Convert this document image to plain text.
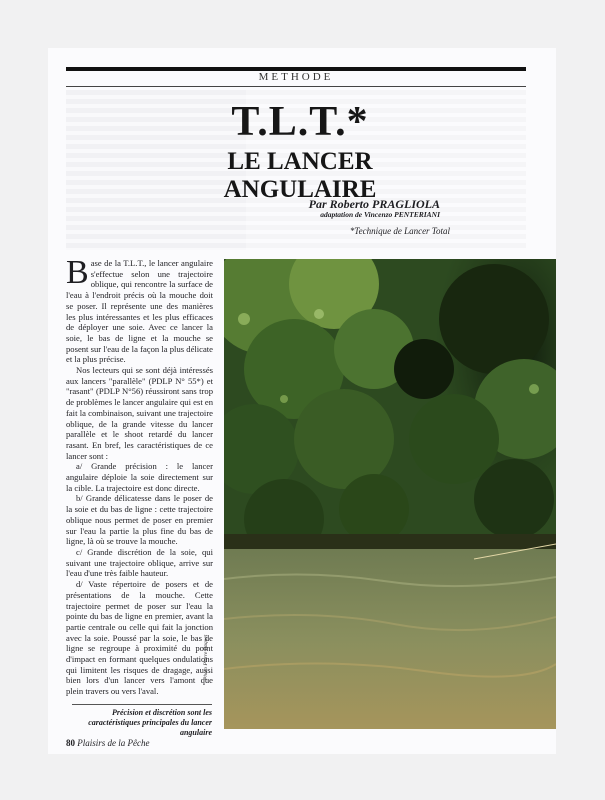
METHODE
T.L.T.*
LE LANCER ANGULAIRE
Par Roberto PRAGLIOLA
adaptation de Vincenzo PENTERIANI
*Technique de Lancer Total

Base de la T.L.T., le lancer angulaire s'effectue selon une trajectoire oblique, qui rencontre la surface de l'eau à l'endroit précis où la mouche doit se poser. Il représente une des manières les plus intéressantes et les plus efficaces de déployer une soie. Avec ce lancer la soie, le bas de ligne et la mouche se posent sur l'eau de la façon la plus délicate et la plus précise.

Nos lecteurs qui se sont déjà intéressés aux lancers "parallèle" (PDLP N° 55*) et "rasant" (PDLP N°56) réussiront sans trop de problèmes le lancer angulaire qui est en fait la combinaison, suivant une trajectoire oblique, de la grande vitesse du lancer parallèle et le shoot retardé du lancer rasant. En bref, les caractéristiques de ce lancer sont :

a/ Grande précision : le lancer angulaire déploie la soie directement sur la cible. La trajectoire est donc directe.

b/ Grande délicatesse dans le poser de la soie et du bas de ligne : cette trajectoire oblique nous permet de poser en premier sur l'eau la partie la plus fine du bas de ligne, là où se trouve la mouche.

c/ Grande discrétion de la soie, qui suivant une trajectoire oblique, arrive sur l'eau d'une très faible hauteur.

d/ Vaste répertoire de posers et de présentations de la mouche. Cette trajectoire permet de poser sur l'eau la pointe du bas de ligne en premier, avant la partie centrale ou celle qui fait la jonction avec la soie. Poussé par la soie, le bas de ligne se regroupe à proximité du point d'impact en formant quelques ondulations qui limitent les risques de dragage, aussi bien lors d'un lancer vers l'amont que plein travers ou vers l'aval.

Précision et discrétion sont les caractéristiques principales du lancer angulaire
Photo Pierre Baquet
80 Plaisirs de la Pêche
